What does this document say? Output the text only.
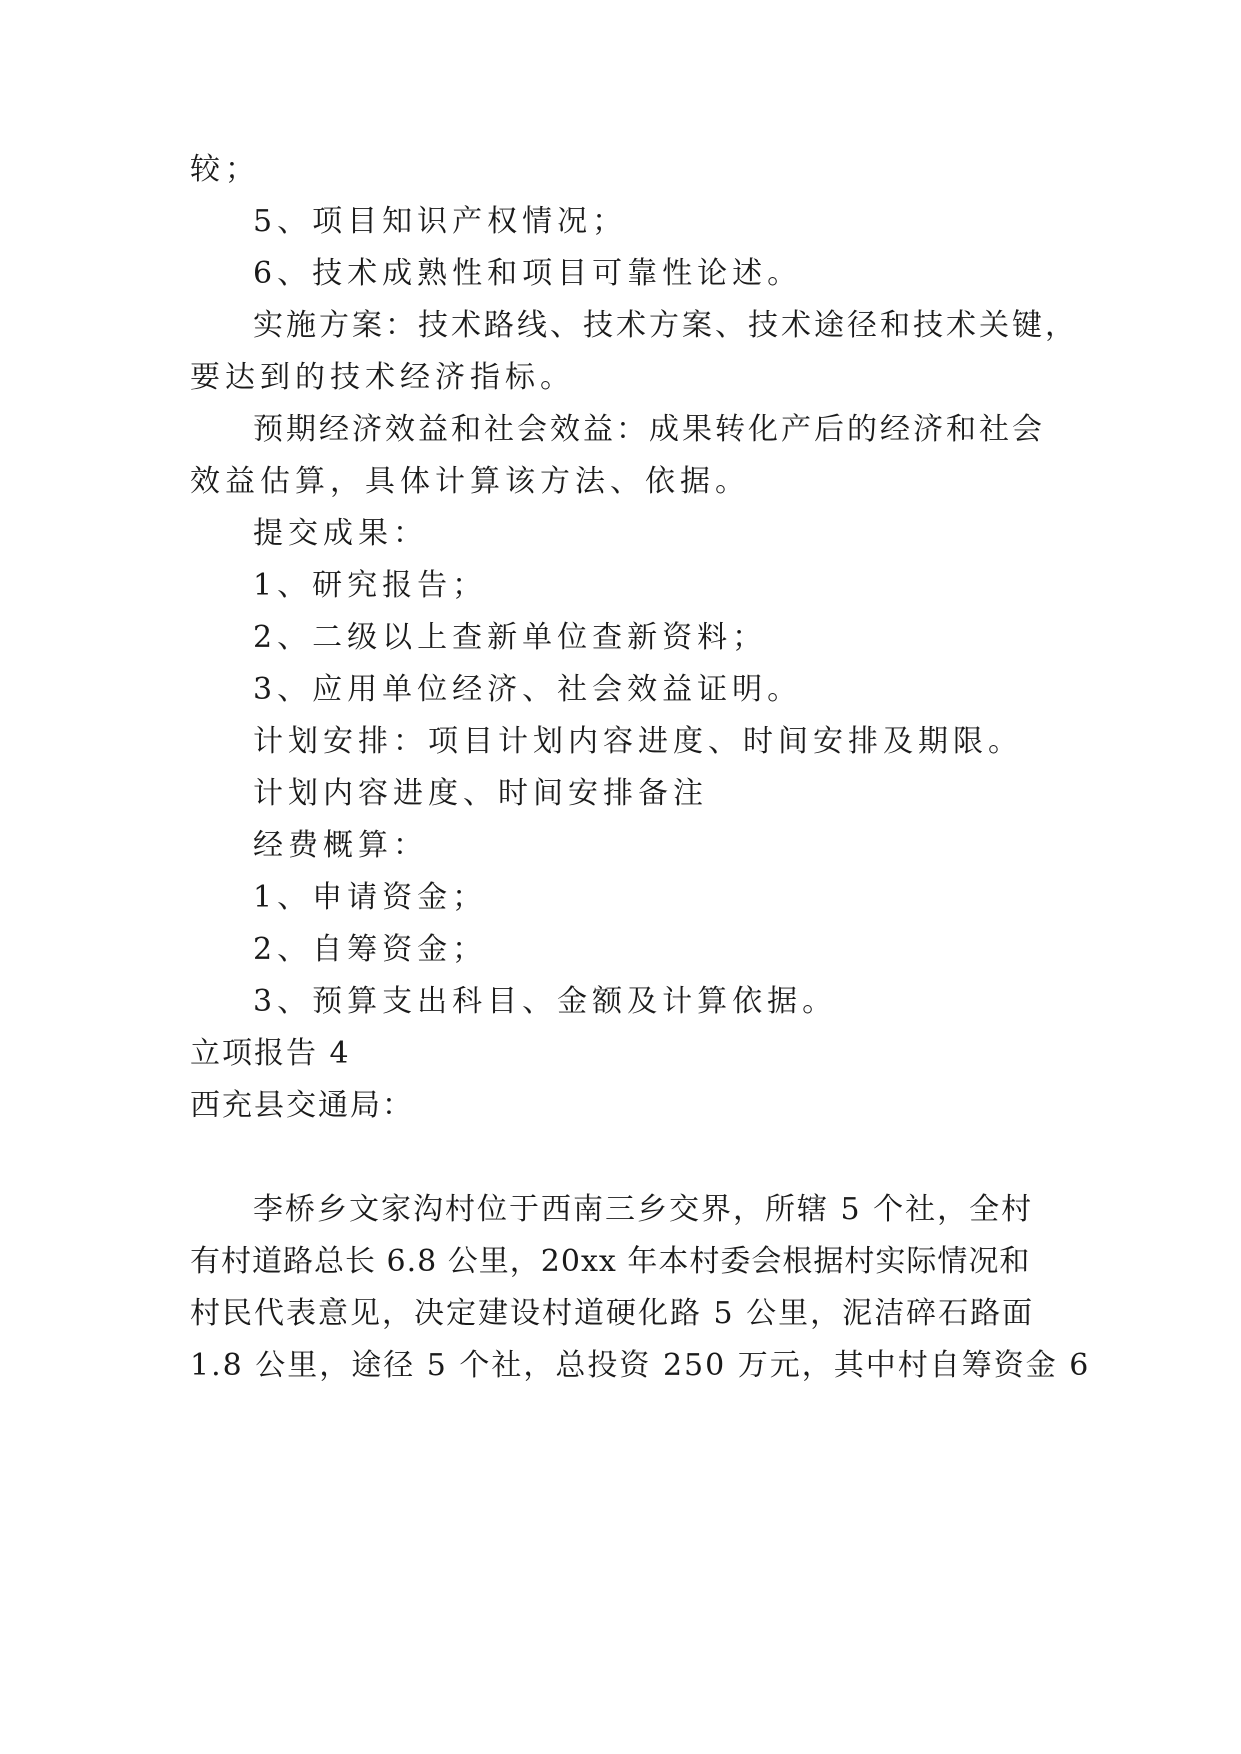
较；
5、项目知识产权情况；
6、技术成熟性和项目可靠性论述。
实施方案：技术路线、技术方案、技术途径和技术关键，
要达到的技术经济指标。
预期经济效益和社会效益：成果转化产后的经济和社会
效益估算，具体计算该方法、依据。
提交成果：
1、研究报告；
2、二级以上查新单位查新资料；
3、应用单位经济、社会效益证明。
计划安排：项目计划内容进度、时间安排及期限。
计划内容进度、时间安排备注
经费概算：
1、申请资金；
2、自筹资金；
3、预算支出科目、金额及计算依据。
立项报告 4
西充县交通局：
李桥乡文家沟村位于西南三乡交界，所辖 5 个社，全村
有村道路总长 6.8 公里，20xx 年本村委会根据村实际情况和
村民代表意见，决定建设村道硬化路 5 公里，泥洁碎石路面
1.8 公里，途径 5 个社，总投资 250 万元，其中村自筹资金 6
